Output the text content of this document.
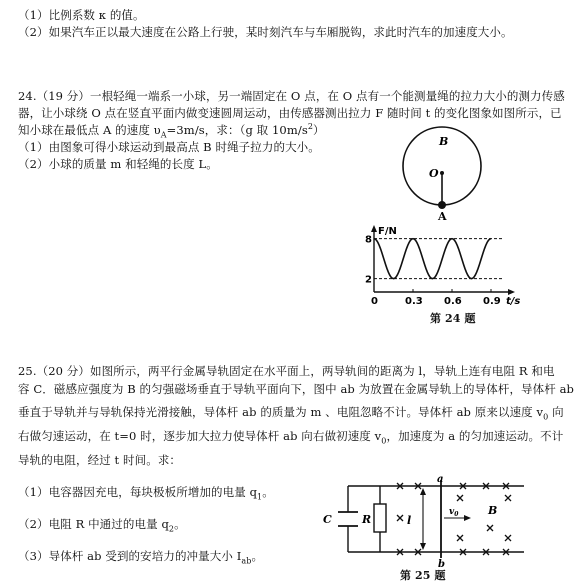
（1）比例系数 κ 的值。
（2）如果汽车正以最大速度在公路上行驶，某时刻汽车与车厢脱钩，求此时汽车的加速度大小。
24.（19 分）一根轻绳一端系一小球，另一端固定在 O 点，在 O 点有一个能测量绳的拉力大小的测力传感
器，让小球绕 O 点在竖直平面内做变速圆周运动，由传感器测出拉力 F 随时间 t 的变化图象如图所示，已
知小球在最低点 A 的速度 $\upsilon_A=3m/s$，求：（g 取 $10m/s^2$）
（1）由图象可得小球运动到最高点 B 时绳子拉力的大小。
（2）小球的质量 m 和轻绳的长度 L。
B
O
A
2
8
0	0.3 0.6 0.9
F/N
t/s
第 24 题
25.（20 分）如图所示，两平行金属导轨固定在水平面上，两导轨间的距离为 l，导轨上连有电阻 R 和电
容 C．磁感应强度为 B 的匀强磁场垂直于导轨平面向下，图中 ab 为放置在金属导轨上的导体杆，导体杆 ab
垂直于导轨并与导轨保持光滑接触，导体杆 ab 的质量为 m 、电阻忽略不计。导体杆 ab 原来以速度 $v_0$ 向
右做匀速运动，在 t=0 时，逐步加大拉力使导体杆 ab 向右做初速度 $v_0$，加速度为 a 的匀加速运动。不计
导轨的电阻，经过 t 时间。求：
（1）电容器因充电，每块极板所增加的电量 $q_1$。
（2）电阻 R 中通过的电量 $q_2$。
（3）导体杆 ab 受到的安培力的冲量大小 $I_{ab}$。
C	R
a
b
l
$v_0$	B
第 25 题
